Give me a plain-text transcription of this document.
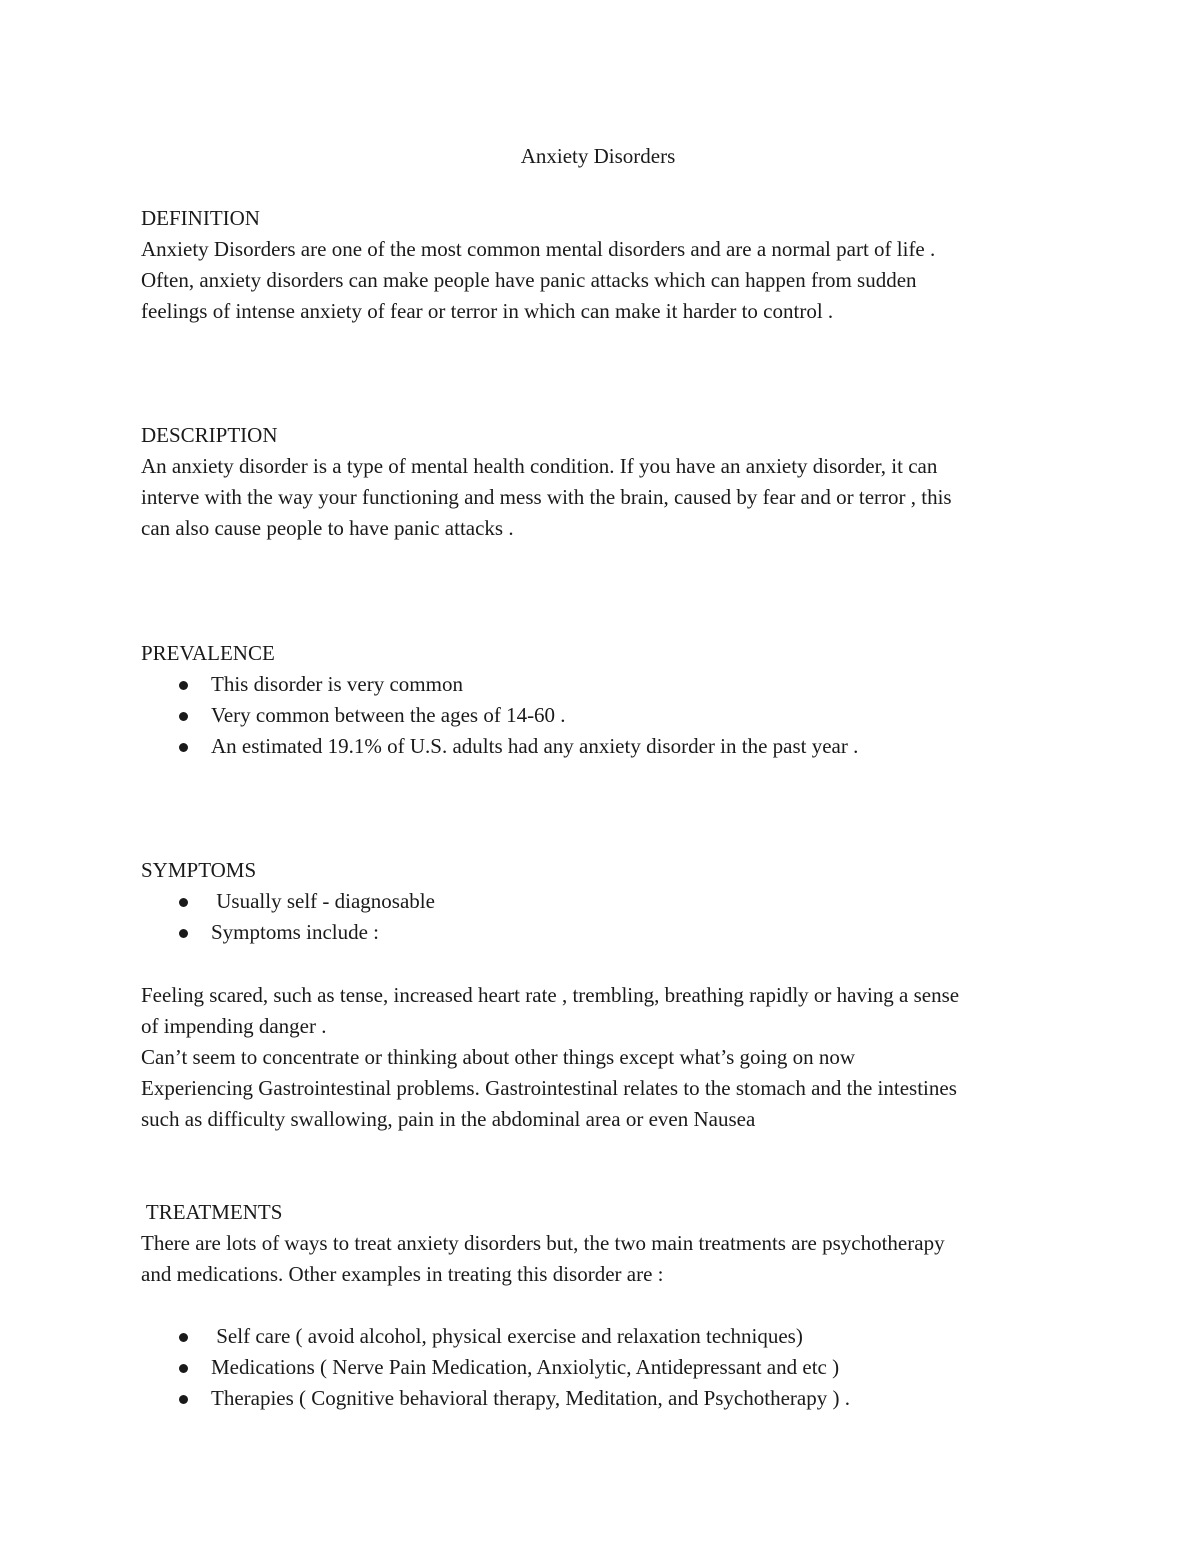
Anxiety Disorders
DEFINITION
Anxiety Disorders are one of the most common mental disorders and are a normal part of life .
Often, anxiety disorders can make people have panic attacks which can happen from sudden
feelings of intense anxiety of fear or terror in which can make it harder to control .
DESCRIPTION
An anxiety disorder is a type of mental health condition. If you have an anxiety disorder, it can
interve with the way your functioning and mess with the brain, caused by fear and or terror , this
can also cause people to have panic attacks .
PREVALENCE
This disorder is very common
Very common between the ages of 14-60 .
An estimated 19.1% of U.S. adults had any anxiety disorder in the past year .
SYMPTOMS
Usually self - diagnosable
Symptoms include :
Feeling scared, such as tense, increased heart rate , trembling, breathing rapidly or having a sense
of impending danger .
Can’t seem to concentrate or thinking about other things except what’s going on now
Experiencing Gastrointestinal problems. Gastrointestinal relates to the stomach and the intestines
such as difficulty swallowing, pain in the abdominal area or even Nausea
TREATMENTS
There are lots of ways to treat anxiety disorders but, the two main treatments are psychotherapy
and medications. Other examples in treating this disorder are :
Self care ( avoid alcohol, physical exercise and relaxation techniques)
Medications ( Nerve Pain Medication, Anxiolytic, Antidepressant and etc )
Therapies ( Cognitive behavioral therapy, Meditation, and Psychotherapy ) .
